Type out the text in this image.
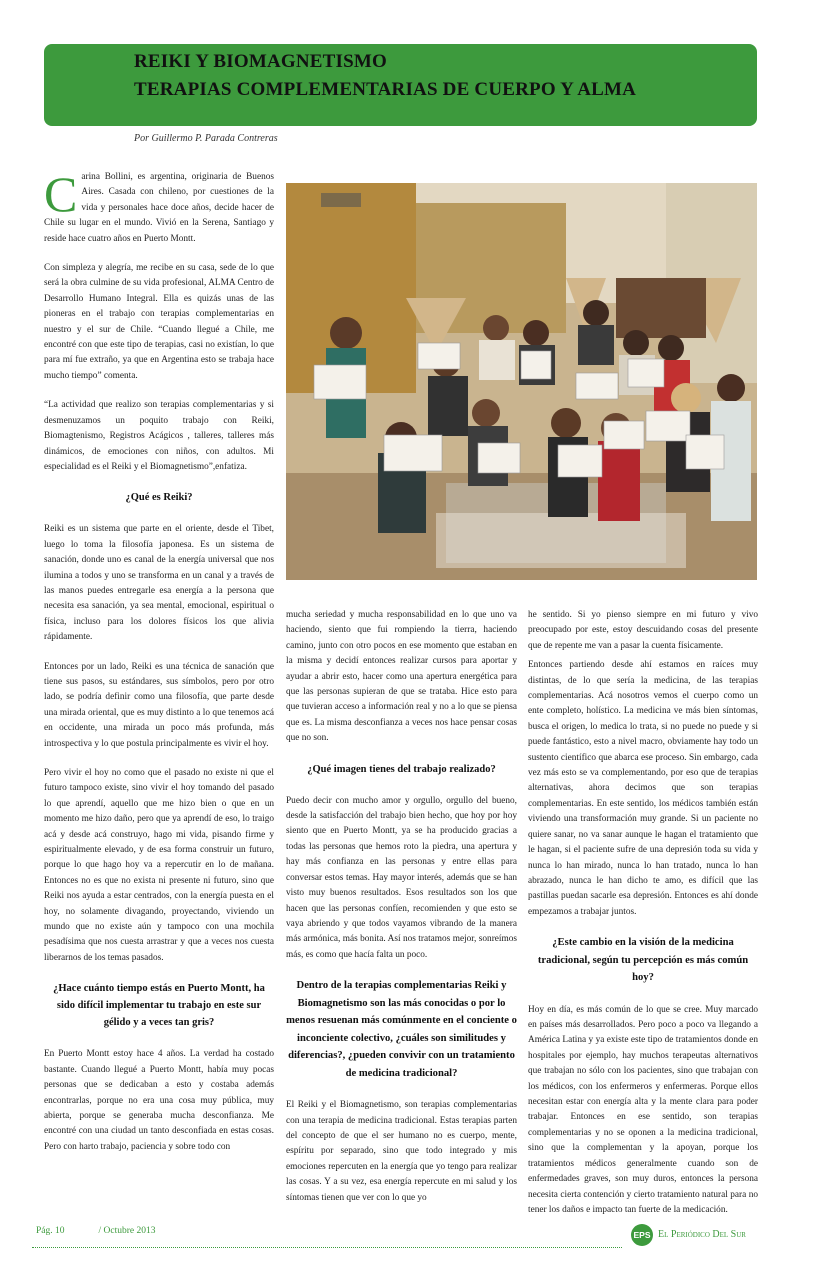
REIKI Y BIOMAGNETISMO
TERAPIAS COMPLEMENTARIAS DE CUERPO Y ALMA
Por Guillermo P. Parada Contreras

Carina Bollini, es argentina, originaria de Buenos Aires. Casada con chileno, por cuestiones de la vida y personales hace doce años, decide hacer de Chile su lugar en el mundo. Vivió en la Serena, Santiago y reside hace cuatro años en Puerto Montt.

Con simpleza y alegría, me recibe en su casa, sede de lo que será la obra culmine de su vida profesional, ALMA Centro de Desarrollo Humano Integral. Ella es quizás unas de las pioneras en el trabajo con terapias complementarias en nuestro y el sur de Chile. “Cuando llegué a Chile, me encontré con que este tipo de terapias, casi no existían, lo que para mí fue extraño, ya que en Argentina esto se trabaja hace mucho tiempo” comenta.

“La actividad que realizo son terapias complementarias y si desmenuzamos un poquito trabajo con Reiki, Biomagtenismo, Registros Acágicos , talleres, talleres más dinámicos, de emociones con niños, con adultos. Mi especialidad es el Reiki y el Biomagnetismo”,enfatiza.

¿Qué es Reiki?

Reiki es un sistema que parte en el oriente, desde el Tibet, luego lo toma la filosofía japonesa. Es un sistema de sanación, donde uno es canal de la energía universal que nos ilumina a todos y uno se transforma en un canal y a través de las manos puedes entregarle esa energía a la persona que necesita esa sanación, ya sea mental, emocional, espiritual o física, incluso para los dolores físicos los que alivia rápidamente.

Entonces por un lado, Reiki es una técnica de sanación que tiene sus pasos, su estándares, sus símbolos, pero por otro lado, se podría definir como una filosofía, que parte desde una mirada oriental, que es muy distinto a lo que tenemos acá en occidente, una mirada un poco más profunda, más introspectiva y lo que postula principalmente es vivir el hoy.

Pero vivir el hoy no como que el pasado no existe ni que el futuro tampoco existe, sino vivir el hoy tomando del pasado lo que aprendí, aquello que me hizo bien o que en un momento me hizo daño, pero que ya aprendí de eso, lo traigo acá y desde acá construyo, hago mi vida, pisando firme y espiritualmente elevado, y de esa forma construir un futuro, porque lo que hago hoy va a repercutir en lo de mañana. Entonces no es que no exista ni presente ni futuro, sino que Reiki nos ayuda a estar centrados, con la energía puesta en el hoy, no solamente divagando, proyectando, viviendo un mundo que no existe aún y tampoco con una mochila pesadísima que nos cuesta arrastrar y que a veces nos cuesta liberarnos de los temas pasados.

¿Hace cuánto tiempo estás en Puerto Montt, ha sido difícil implementar tu trabajo en este sur gélido y a veces tan gris?

En Puerto Montt estoy hace 4 años. La verdad ha costado bastante. Cuando llegué a Puerto Montt, había muy pocas personas que se dedicaban a esto y costaba además encontrarlas, porque no era una cosa muy pública, muy abierta, porque se generaba mucha desconfianza. Me encontré con una ciudad un tanto desconfiada en estas cosas. Pero con harto trabajo, paciencia y sobre todo con

mucha seriedad y mucha responsabilidad en lo que uno va haciendo, siento que fui rompiendo la tierra, haciendo camino, junto con otro pocos en ese momento que estaban en la misma y decidí entonces realizar cursos para aportar y ayudar a abrir esto, hacer como una apertura energética para que las personas supieran de que se trataba. Hice esto para que tuvieran acceso a información real y no a lo que se piensa que es. La misma desconfianza a veces nos hace pensar cosas que no son.

¿Qué imagen tienes del trabajo realizado?

Puedo decir con mucho amor y orgullo, orgullo del bueno, desde la satisfacción del trabajo bien hecho, que hoy por hoy siento que en Puerto Montt, ya se ha producido gracias a todas las personas que hemos roto la piedra, una apertura y hay más confianza en las personas y entre ellas para conversar estos temas. Hay mayor interés, además que se han visto muy buenos resultados. Esos resultados son los que hacen que las personas confíen, recomienden y que esto se vaya abriendo y que todos vayamos vibrando de la manera más armónica, más bonita. Así nos tratamos mejor, sonreímos más, es como que hacía falta un poco.

Dentro de la terapias complementarias Reiki y Biomagnetismo son las más conocidas o por lo menos resuenan más comúnmente en el conciente o inconciente colectivo, ¿cuáles son similitudes y diferencias?, ¿pueden convivir con un tratamiento de medicina tradicional?

El Reiki y el Biomagnetismo, son terapias complementarias con una terapia de medicina tradicional. Estas terapias parten del concepto de que el ser humano no es cuerpo, mente, espíritu por separado, sino que todo integrado y mis emociones repercuten en la energía que yo tengo para realizar las cosas. Y a su vez, esa energía repercute en mi salud y los síntomas tienen que ver con lo que yo

he sentido. Si yo pienso siempre en mi futuro y vivo preocupado por este, estoy descuidando cosas del presente que de repente me van a pasar la cuenta físicamente.

Entonces partiendo desde ahí estamos en raíces muy distintas, de lo que sería la medicina, de las terapias complementarias. Acá nosotros vemos el cuerpo como un ente completo, holístico. La medicina ve más bien síntomas, busca el origen, lo medica lo trata, si no puede no puede y si puede fantástico, esto a nivel macro, obviamente hay todo un sustento científico que abarca ese proceso. Sin embargo, cada vez más esto se va complementando, por eso que de terapias alternativas, ahora decimos que son terapias complementarias. En este sentido, los médicos también están viviendo una transformación muy grande. Si un paciente no quiere sanar, no va sanar aunque le hagan el tratamiento que le hagan, si el paciente sufre de una depresión toda su vida y nunca lo han mirado, nunca lo han tratado, nunca lo han abrazado, nunca le han dicho te amo, es difícil que las pastillas puedan sacarle esa depresión. Entonces es ahí donde empezamos a trabajar juntos.

¿Este cambio en la visión de la medicina tradicional, según tu percepción es más común hoy?

Hoy en día, es más común de lo que se cree. Muy marcado en países más desarrollados. Pero poco a poco va llegando a América Latina y ya existe este tipo de tratamientos donde en hospitales por ejemplo, hay muchos terapeutas alternativos que trabajan no sólo con los pacientes, sino que trabajan con los médicos, con los enfermeros y enfermeras. Porque ellos necesitan estar con energía alta y la mente clara para poder trabajar. Entonces en ese sentido, son terapias complementarias y no se oponen a la medicina tradicional, sino que la complementan y la apoyan, porque los tratamientos médicos generalmente cuando son de enfermedades graves, son muy duros, entonces la persona necesita cierta contención y cierto tratamiento natural para no tener los daños e impacto tan fuerte de la medicación.

Pág. 10	/ Octubre 2013	EPS El Periódico Del Sur
